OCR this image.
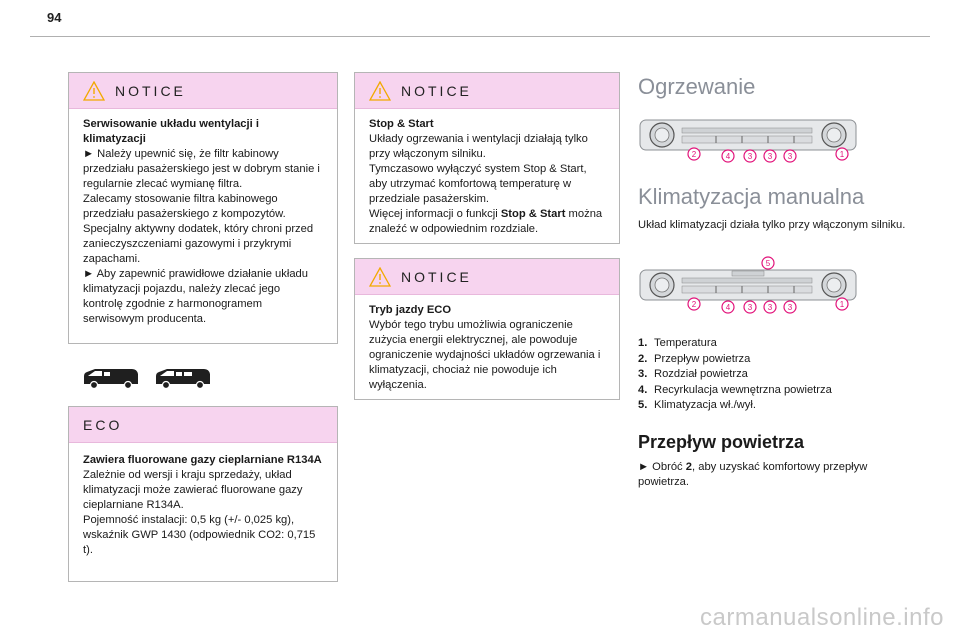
94
NOTICE

Serwisowanie układu wentylacji i klimatyzacji

► Należy upewnić się, że filtr kabinowy przedziału pasażerskiego jest w dobrym stanie i regularnie zlecać wymianę filtra.

Zalecamy stosowanie filtra kabinowego przedziału pasażerskiego z kompozytów. Specjalny aktywny dodatek, który chroni przed zanieczyszczeniami gazowymi i przykrymi zapachami.

► Aby zapewnić prawidłowe działanie układu klimatyzacji pojazdu, należy zlecać jego kontrolę zgodnie z harmonogramem serwisowym producenta.

ECO

Zawiera fluorowane gazy cieplarniane R134A

Zależnie od wersji i kraju sprzedaży, układ klimatyzacji może zawierać fluorowane gazy cieplarniane R134A.

Pojemność instalacji: 0,5 kg (+/- 0,025 kg), wskaźnik GWP 1430 (odpowiednik CO2: 0,715 t).

NOTICE

Stop & Start

Układy ogrzewania i wentylacji działają tylko przy włączonym silniku.

Tymczasowo wyłączyć system Stop & Start, aby utrzymać komfortową temperaturę w przedziale pasażerskim.

Więcej informacji o funkcji Stop & Start można znaleźć w odpowiednim rozdziale.

NOTICE

Tryb jazdy ECO

Wybór tego trybu umożliwia ograniczenie zużycia energii elektrycznej, ale powoduje ograniczenie wydajności układów ogrzewania i klimatyzacji, chociaż nie powoduje ich wyłączenia.

Ogrzewanie
2	4 3 3 3	1
Klimatyzacja manualna
Układ klimatyzacji działa tylko przy włączonym silniku.
5
2	4 3 3 3	1
1. Temperatura
2. Przepływ powietrza
3. Rozdział powietrza
4. Recyrkulacja wewnętrzna powietrza
5. Klimatyzacja wł./wył.
Przepływ powietrza
► Obróć 2, aby uzyskać komfortowy przepływ powietrza.
carmanualsonline.info
